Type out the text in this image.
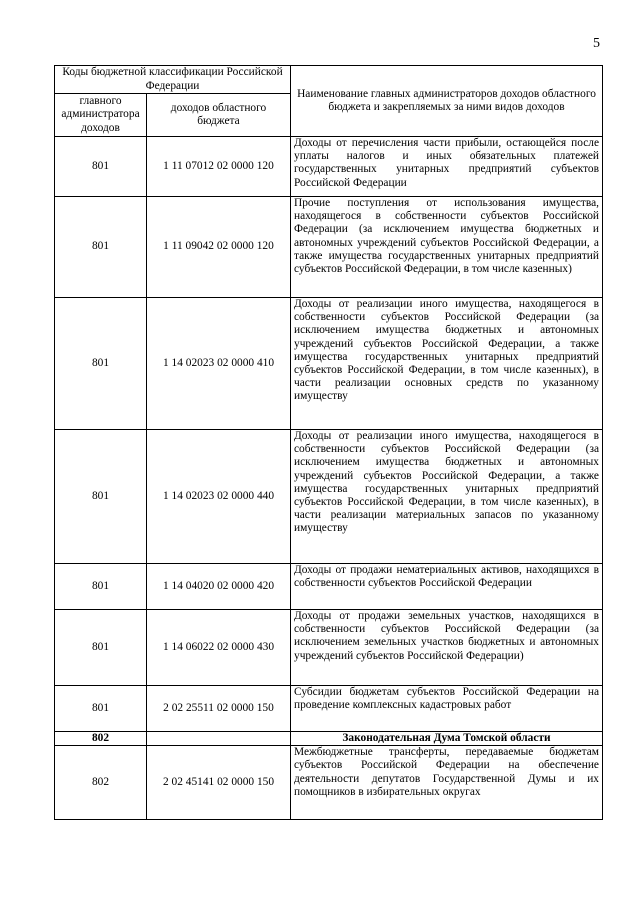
5
Коды бюджетной классификации Российской Федерации		Наименование главных администраторов доходов областного бюджета и закрепляемых за ними видов доходов
главного администратора доходов	доходов областного бюджета	
801	1 11 07012 02 0000 120	Доходы от перечисления части прибыли, остающейся после уплаты налогов и иных обязательных платежей государственных унитарных предприятий субъектов Российской Федерации
801	1 11 09042 02 0000 120	Прочие поступления от использования имущества, находящегося в собственности субъектов Российской Федерации (за исключением имущества бюджетных и автономных учреждений субъектов Российской Федерации, а также имущества государственных унитарных предприятий субъектов Российской Федерации, в том числе казенных)
801	1 14 02023 02 0000 410	Доходы от реализации иного имущества, находящегося в собственности субъектов Российской Федерации (за исключением имущества бюджетных и автономных учреждений субъектов Российской Федерации, а также имущества государственных унитарных предприятий субъектов Российской Федерации, в том числе казенных), в части реализации основных средств по указанному имуществу
801	1 14 02023 02 0000 440	Доходы от реализации иного имущества, находящегося в собственности субъектов Российской Федерации (за исключением имущества бюджетных и автономных учреждений субъектов Российской Федерации, а также имущества государственных унитарных предприятий субъектов Российской Федерации, в том числе казенных), в части реализации материальных запасов по указанному имуществу
801	1 14 04020 02 0000 420	Доходы от продажи нематериальных активов, находящихся в собственности субъектов Российской Федерации
801	1 14 06022 02 0000 430	Доходы от продажи земельных участков, находящихся в собственности субъектов Российской Федерации (за исключением земельных участков бюджетных и автономных учреждений субъектов Российской Федерации)
801	2 02 25511 02 0000 150	Субсидии бюджетам субъектов Российской Федерации на проведение комплексных кадастровых работ
802		Законодательная Дума Томской области
802	2 02 45141 02 0000 150	Межбюджетные трансферты, передаваемые бюджетам субъектов Российской Федерации на обеспечение деятельности депутатов Государственной Думы и их помощников в избирательных округах
